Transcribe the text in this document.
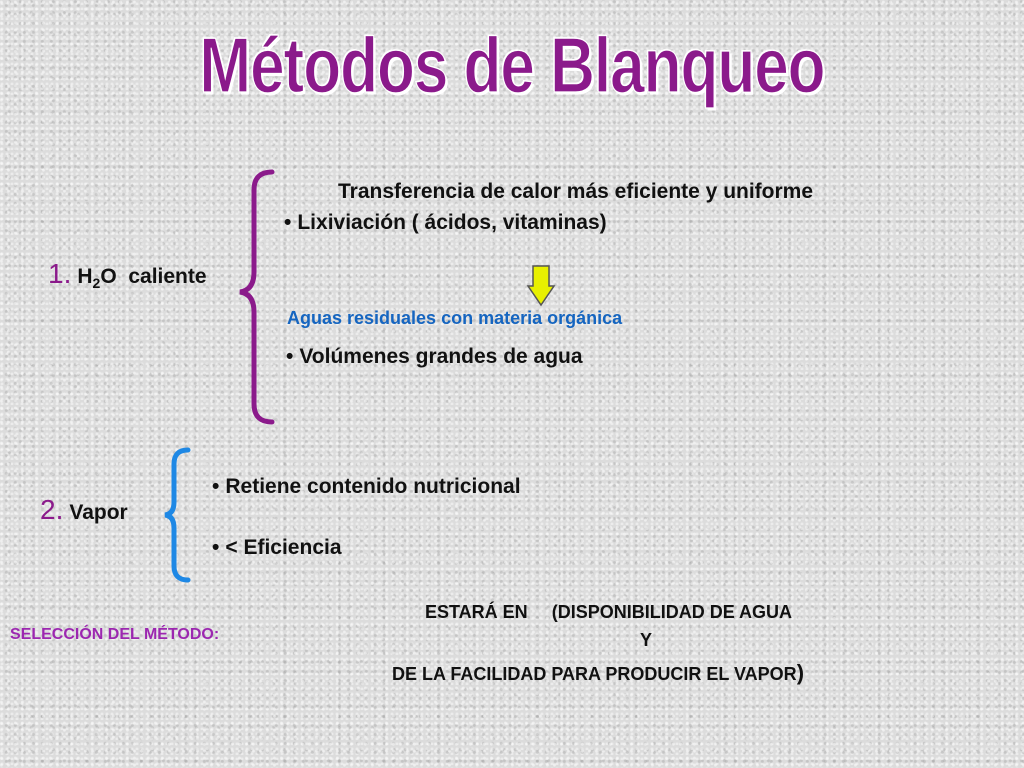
Métodos de Blanqueo
1. $H_2O$  caliente
Transferencia de calor más eficiente y uniforme
• Lixiviación ( ácidos, vitaminas)
Aguas residuales con materia orgánica
• Volúmenes grandes de agua
2. Vapor
• Retiene contenido nutricional
• < Eficiencia
SELECCIÓN DEL MÉTODO:
ESTARÁ EN (DISPONIBILIDAD DE AGUA
Y
DE LA FACILIDAD PARA PRODUCIR EL VAPOR)
